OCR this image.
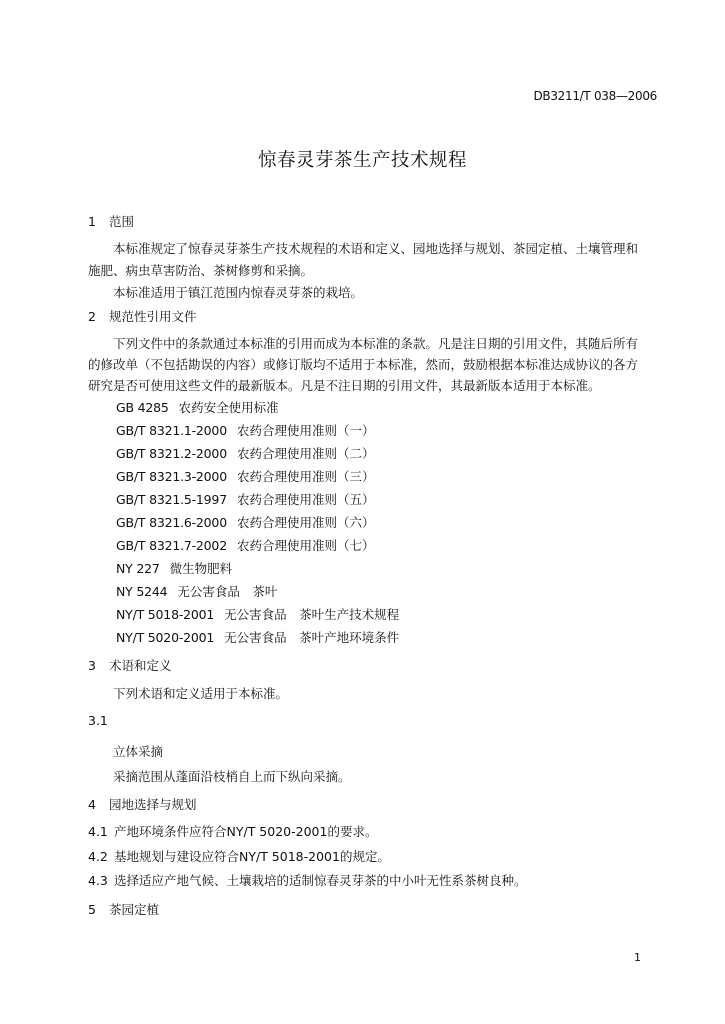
DB3211/T 038—2006
惊春灵芽茶生产技术规程
1 范围
本标准规定了惊春灵芽茶生产技术规程的术语和定义、园地选择与规划、茶园定植、土壤管理和
施肥、病虫草害防治、茶树修剪和采摘。
本标准适用于镇江范围内惊春灵芽茶的栽培。
2 规范性引用文件
下列文件中的条款通过本标准的引用而成为本标准的条款。凡是注日期的引用文件，其随后所有
的修改单（不包括勘误的内容）或修订版均不适用于本标准，然而，鼓励根据本标准达成协议的各方
研究是否可使用这些文件的最新版本。凡是不注日期的引用文件，其最新版本适用于本标准。
GB 4285 农药安全使用标准
GB/T 8321.1-2000 农药合理使用准则（一）
GB/T 8321.2-2000 农药合理使用准则（二）
GB/T 8321.3-2000 农药合理使用准则（三）
GB/T 8321.5-1997 农药合理使用准则（五）
GB/T 8321.6-2000 农药合理使用准则（六）
GB/T 8321.7-2002 农药合理使用准则（七）
NY 227 微生物肥料
NY 5244 无公害食品　茶叶
NY/T 5018-2001 无公害食品　茶叶生产技术规程
NY/T 5020-2001 无公害食品　茶叶产地环境条件
3 术语和定义
下列术语和定义适用于本标准。
3.1
立体采摘
采摘范围从蓬面沿枝梢自上而下纵向采摘。
4 园地选择与规划
4.1 产地环境条件应符合NY/T 5020-2001的要求。
4.2 基地规划与建设应符合NY/T 5018-2001的规定。
4.3 选择适应产地气候、土壤栽培的适制惊春灵芽茶的中小叶无性系茶树良种。
5 茶园定植
1
